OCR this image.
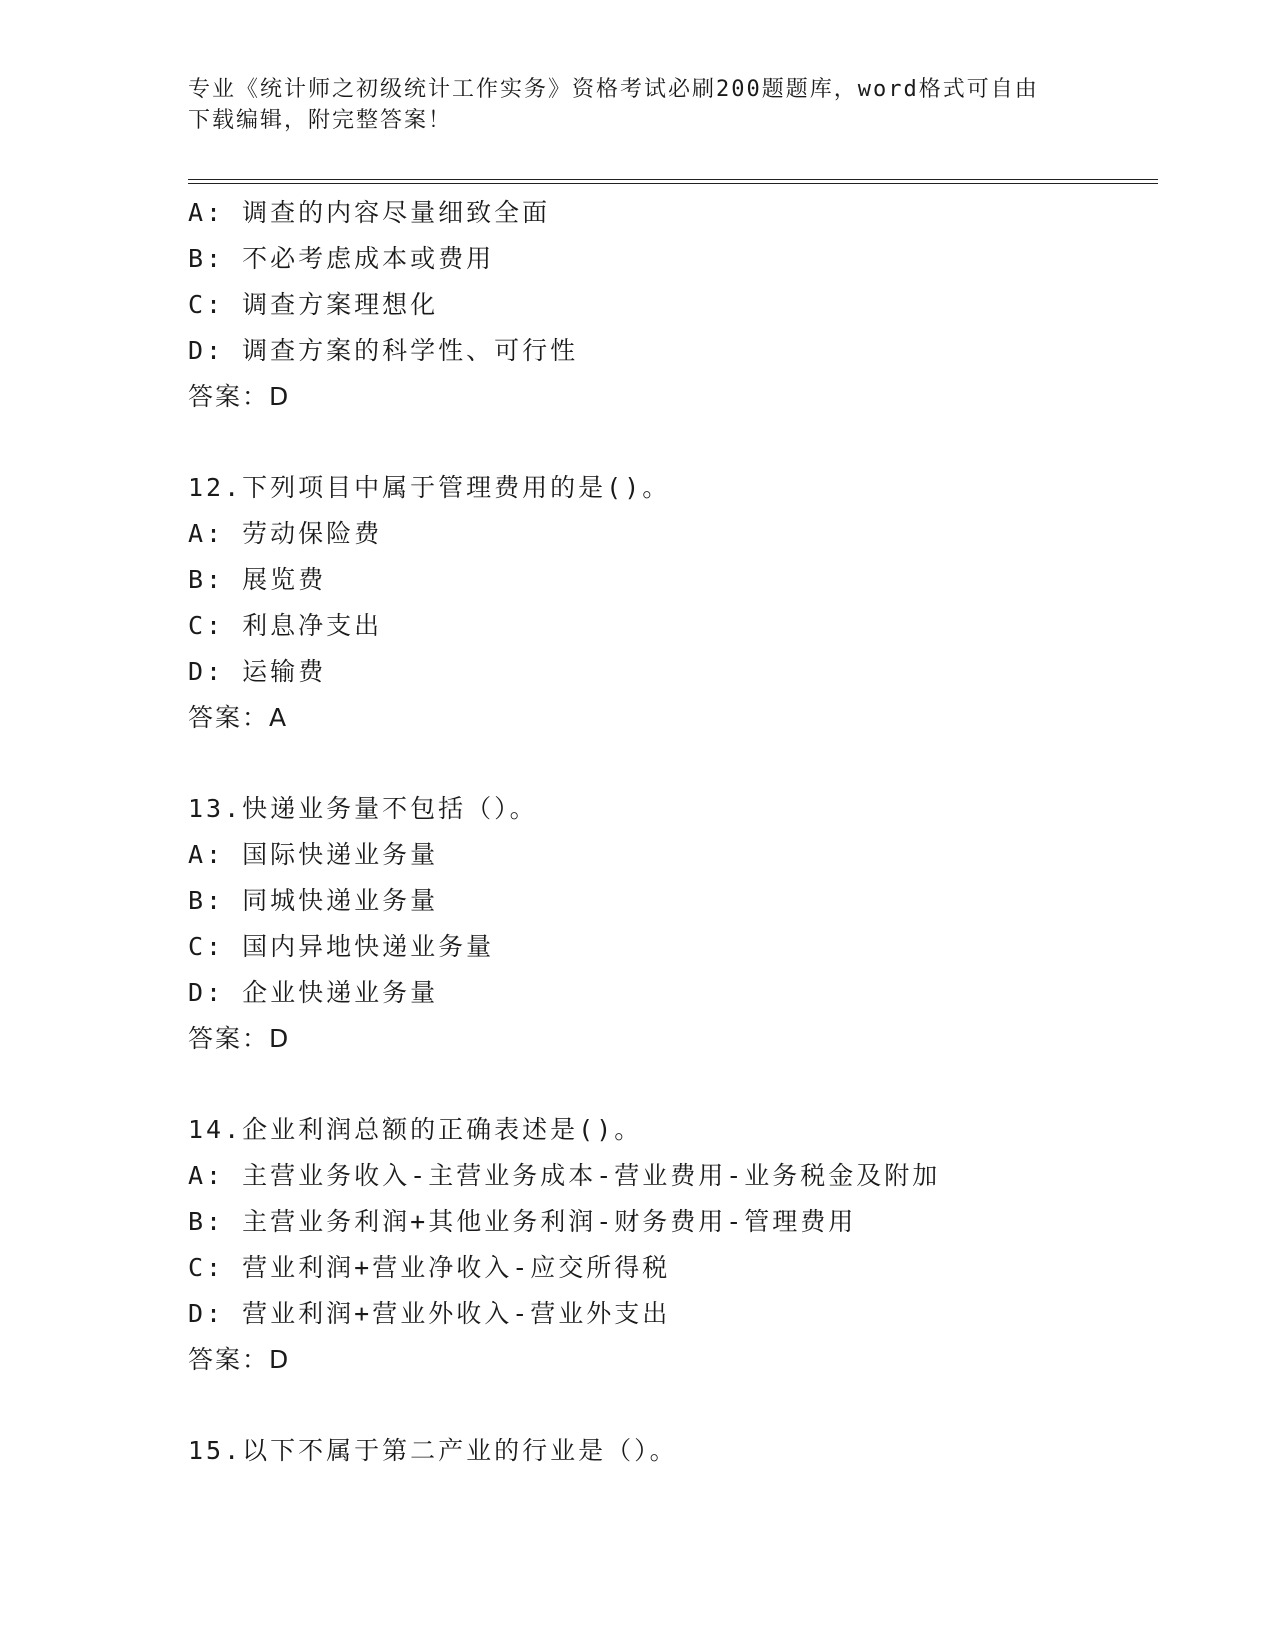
专业《统计师之初级统计工作实务》资格考试必刷200题题库，word格式可自由
下载编辑，附完整答案！
A: 调查的内容尽量细致全面
B: 不必考虑成本或费用
C: 调查方案理想化
D: 调查方案的科学性、可行性
答案：D
12.下列项目中属于管理费用的是()。
A: 劳动保险费
B: 展览费
C: 利息净支出
D: 运输费
答案：A
13.快递业务量不包括（）。
A: 国际快递业务量
B: 同城快递业务量
C: 国内异地快递业务量
D: 企业快递业务量
答案：D
14.企业利润总额的正确表述是()。
A: 主营业务收入-主营业务成本-营业费用-业务税金及附加
B: 主营业务利润+其他业务利润-财务费用-管理费用
C: 营业利润+营业净收入-应交所得税
D: 营业利润+营业外收入-营业外支出
答案：D
15.以下不属于第二产业的行业是（）。
